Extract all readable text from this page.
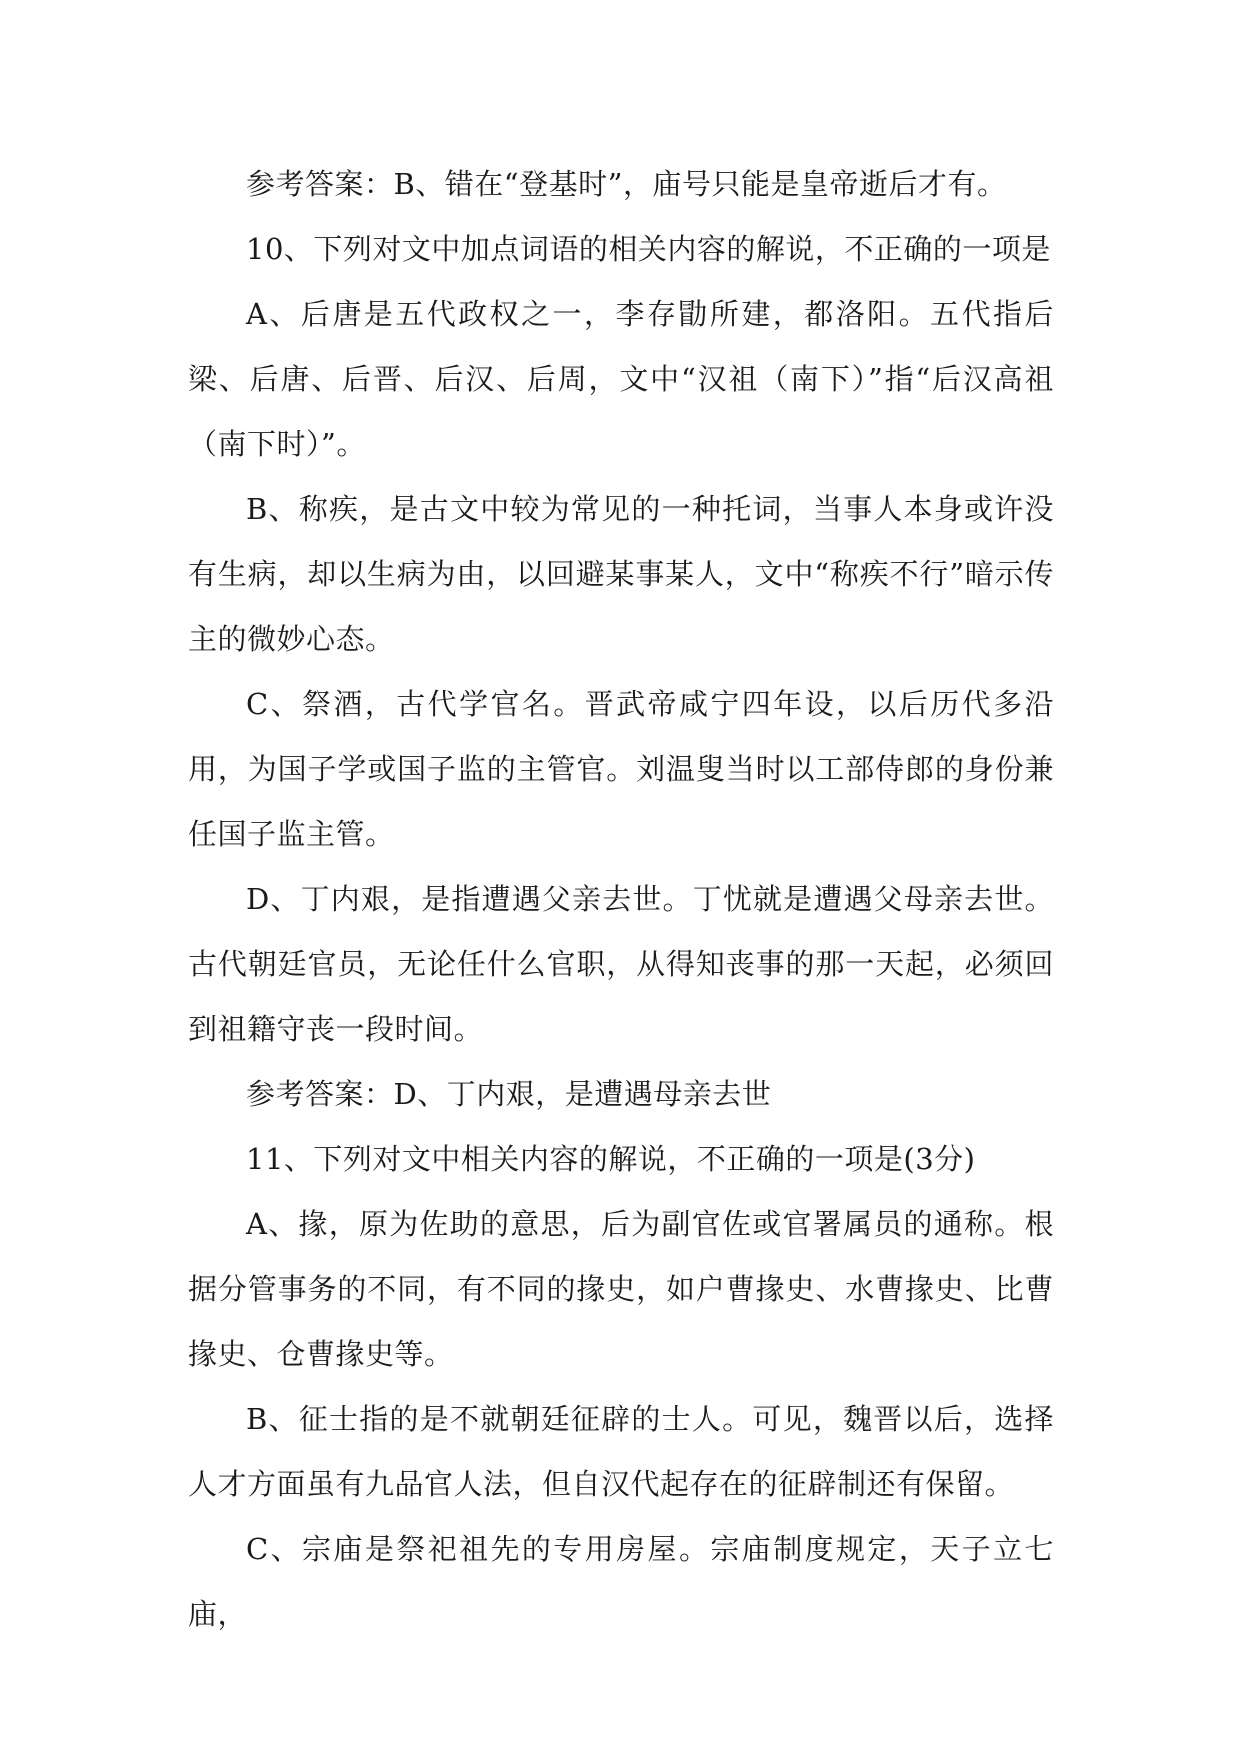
参考答案：B、错在“登基时”，庙号只能是皇帝逝后才有。

10、下列对文中加点词语的相关内容的解说，不正确的一项是

A、后唐是五代政权之一，李存勖所建，都洛阳。五代指后梁、后唐、后晋、后汉、后周，文中“汉祖（南下）”指“后汉高祖（南下时）”。

B、称疾，是古文中较为常见的一种托词，当事人本身或许没有生病，却以生病为由，以回避某事某人，文中“称疾不行”暗示传主的微妙心态。

C、祭酒，古代学官名。晋武帝咸宁四年设，以后历代多沿用，为国子学或国子监的主管官。刘温叟当时以工部侍郎的身份兼任国子监主管。

D、丁内艰，是指遭遇父亲去世。丁忧就是遭遇父母亲去世。古代朝廷官员，无论任什么官职，从得知丧事的那一天起，必须回到祖籍守丧一段时间。

参考答案：D、丁内艰，是遭遇母亲去世

11、下列对文中相关内容的解说，不正确的一项是(3分)

A、掾，原为佐助的意思，后为副官佐或官署属员的通称。根据分管事务的不同，有不同的掾史，如户曹掾史、水曹掾史、比曹掾史、仓曹掾史等。

B、征士指的是不就朝廷征辟的士人。可见，魏晋以后，选择人才方面虽有九品官人法，但自汉代起存在的征辟制还有保留。

C、宗庙是祭祀祖先的专用房屋。宗庙制度规定，天子立七庙，
